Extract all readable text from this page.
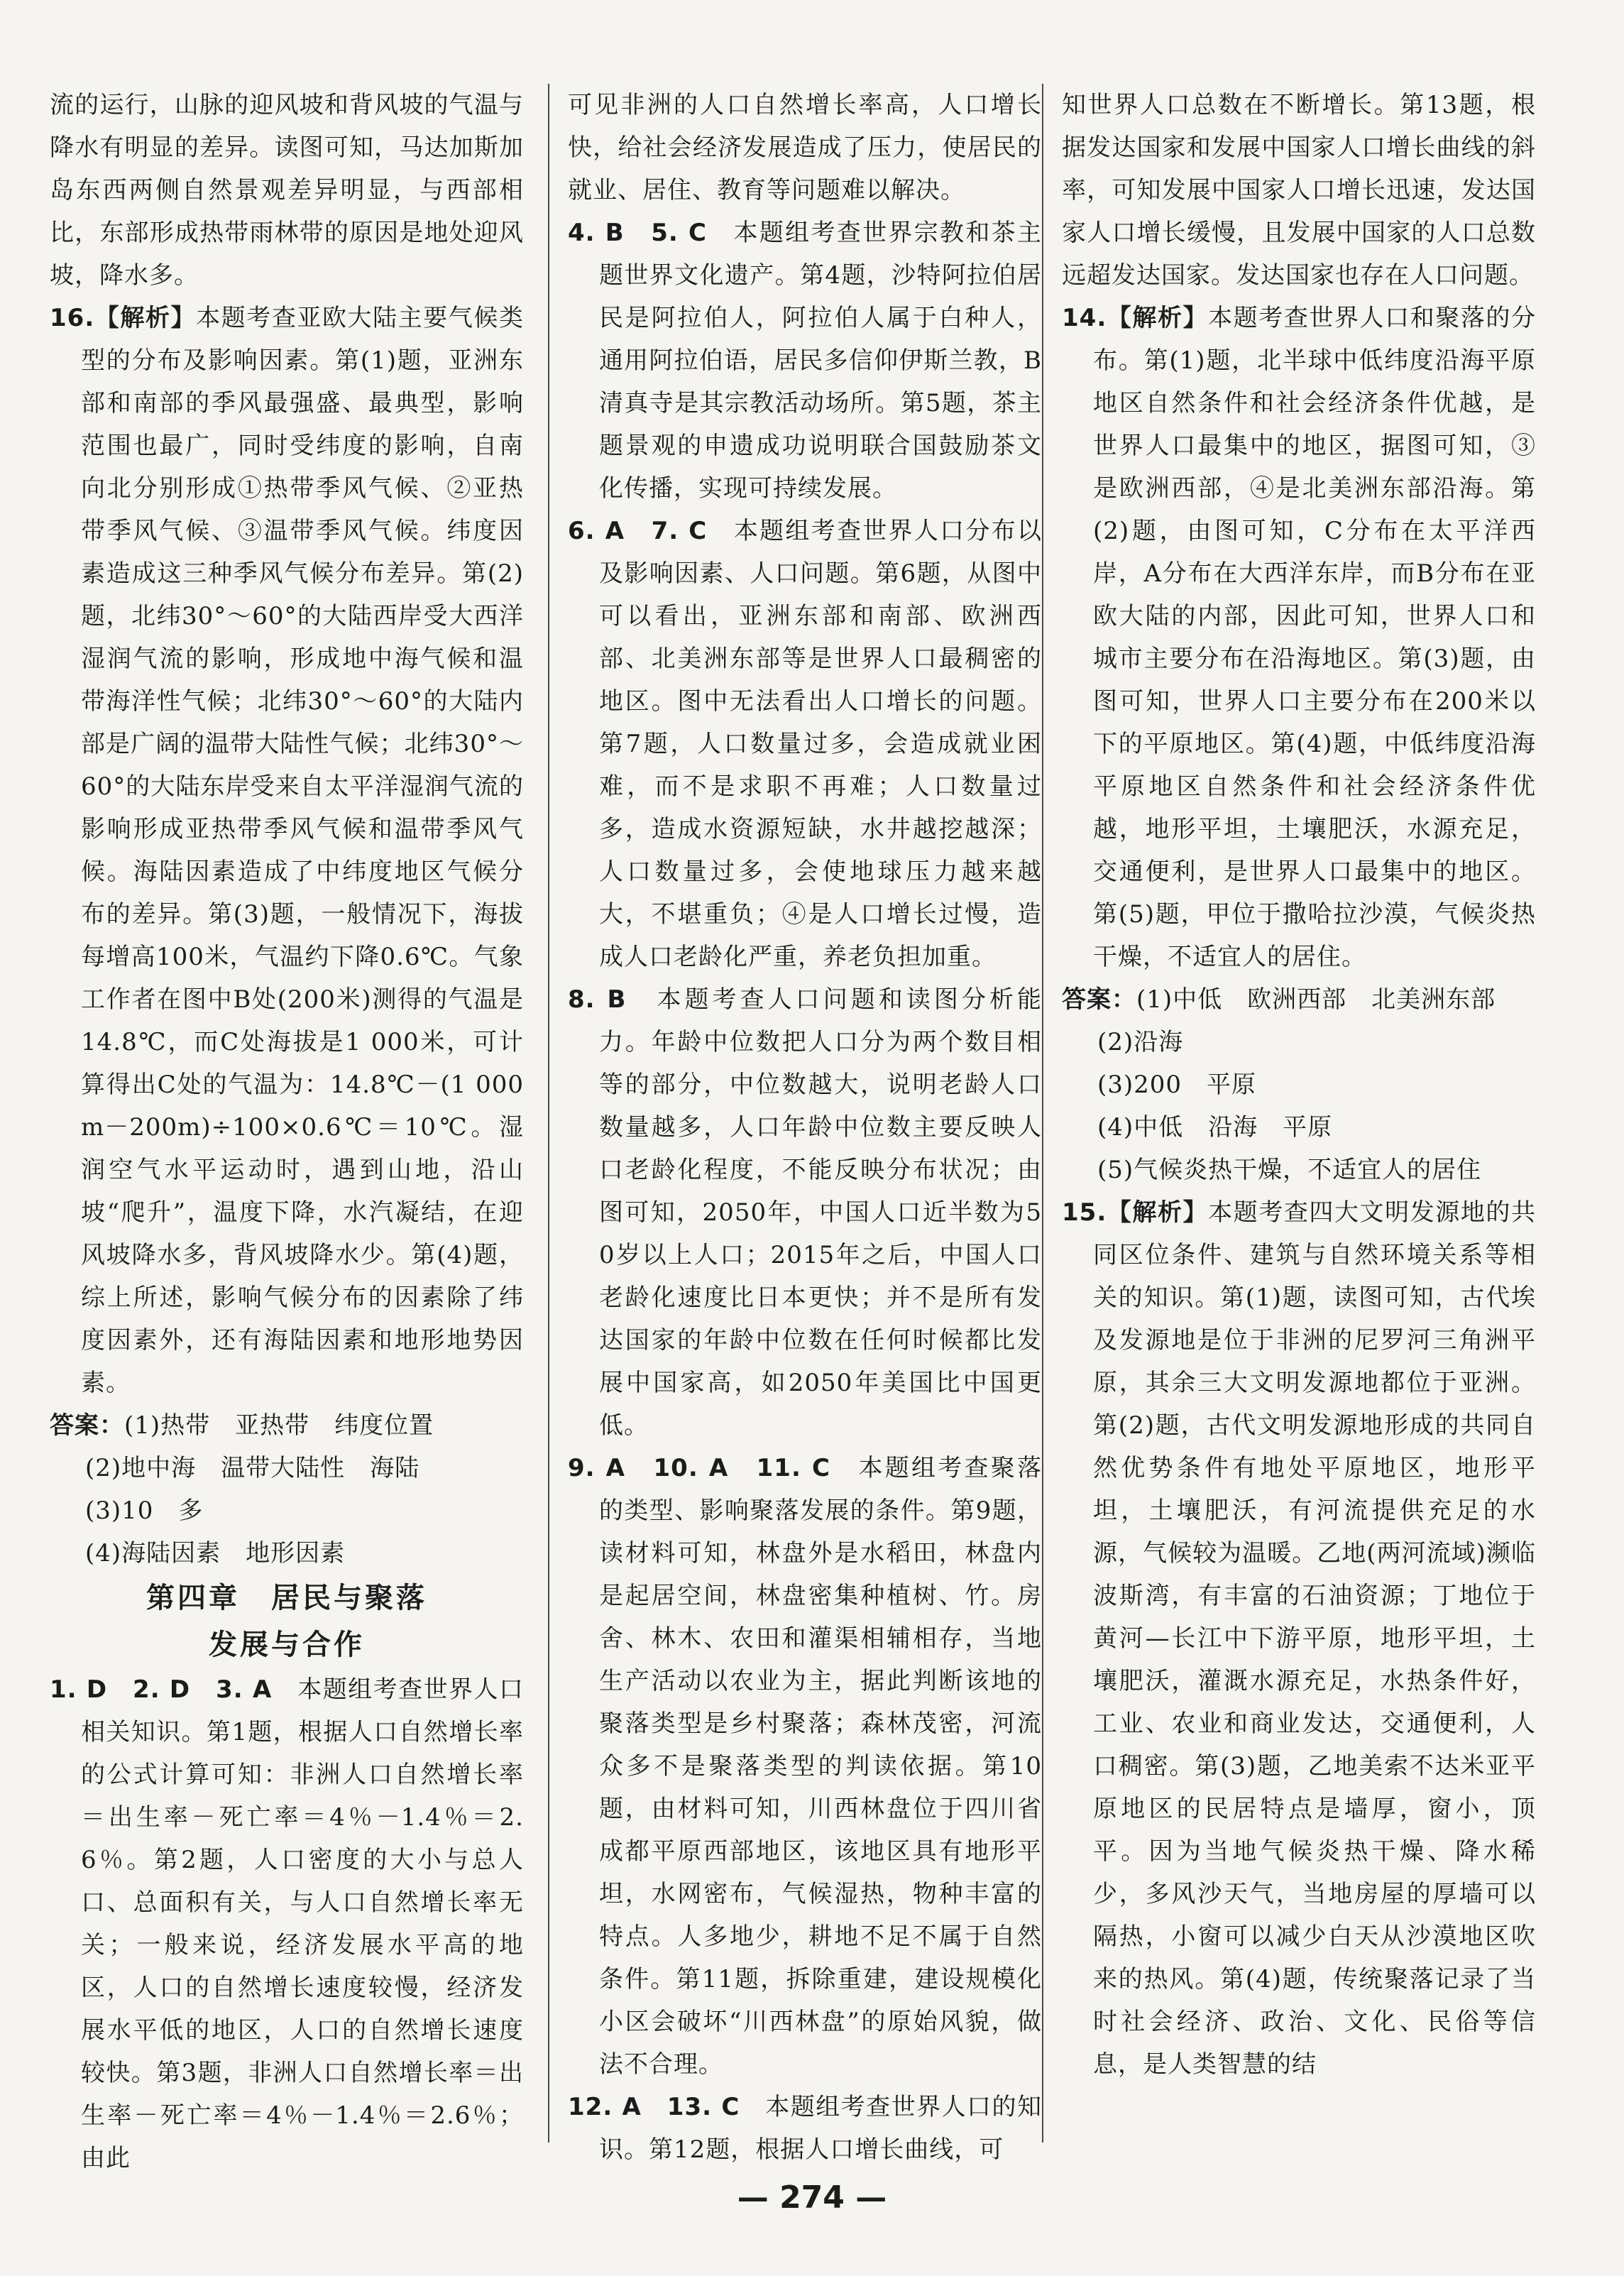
流的运行，山脉的迎风坡和背风坡的气温与降水有明显的差异。读图可知，马达加斯加岛东西两侧自然景观差异明显，与西部相比，东部形成热带雨林带的原因是地处迎风坡，降水多。

16.【解析】本题考查亚欧大陆主要气候类型的分布及影响因素。第(1)题，亚洲东部和南部的季风最强盛、最典型，影响范围也最广，同时受纬度的影响，自南向北分别形成①热带季风气候、②亚热带季风气候、③温带季风气候。纬度因素造成这三种季风气候分布差异。第(2)题，北纬30°～60°的大陆西岸受大西洋湿润气流的影响，形成地中海气候和温带海洋性气候；北纬30°～60°的大陆内部是广阔的温带大陆性气候；北纬30°～60°的大陆东岸受来自太平洋湿润气流的影响形成亚热带季风气候和温带季风气候。海陆因素造成了中纬度地区气候分布的差异。第(3)题，一般情况下，海拔每增高100米，气温约下降0.6℃。气象工作者在图中B处(200米)测得的气温是14.8℃，而C处海拔是1 000米，可计算得出C处的气温为：14.8℃－(1 000m－200m)÷100×0.6℃＝10℃。湿润空气水平运动时，遇到山地，沿山坡“爬升”，温度下降，水汽凝结，在迎风坡降水多，背风坡降水少。第(4)题，综上所述，影响气候分布的因素除了纬度因素外，还有海陆因素和地形地势因素。

答案：(1)热带　亚热带　纬度位置

(2)地中海　温带大陆性　海陆

(3)10　多

(4)海陆因素　地形因素

第四章　居民与聚落

发展与合作

1. D　2. D　3. A　本题组考查世界人口相关知识。第1题，根据人口自然增长率的公式计算可知：非洲人口自然增长率＝出生率－死亡率＝4％－1.4％＝2.6％。第2题，人口密度的大小与总人口、总面积有关，与人口自然增长率无关；一般来说，经济发展水平高的地区，人口的自然增长速度较慢，经济发展水平低的地区，人口的自然增长速度较快。第3题，非洲人口自然增长率＝出生率－死亡率＝4％－1.4％＝2.6％；由此

可见非洲的人口自然增长率高，人口增长快，给社会经济发展造成了压力，使居民的就业、居住、教育等问题难以解决。

4. B　5. C　本题组考查世界宗教和茶主题世界文化遗产。第4题，沙特阿拉伯居民是阿拉伯人，阿拉伯人属于白种人，通用阿拉伯语，居民多信仰伊斯兰教，B清真寺是其宗教活动场所。第5题，茶主题景观的申遗成功说明联合国鼓励茶文化传播，实现可持续发展。

6. A　7. C　本题组考查世界人口分布以及影响因素、人口问题。第6题，从图中可以看出，亚洲东部和南部、欧洲西部、北美洲东部等是世界人口最稠密的地区。图中无法看出人口增长的问题。第7题，人口数量过多，会造成就业困难，而不是求职不再难；人口数量过多，造成水资源短缺，水井越挖越深；人口数量过多，会使地球压力越来越大，不堪重负；④是人口增长过慢，造成人口老龄化严重，养老负担加重。

8. B　本题考查人口问题和读图分析能力。年龄中位数把人口分为两个数目相等的部分，中位数越大，说明老龄人口数量越多，人口年龄中位数主要反映人口老龄化程度，不能反映分布状况；由图可知，2050年，中国人口近半数为50岁以上人口；2015年之后，中国人口老龄化速度比日本更快；并不是所有发达国家的年龄中位数在任何时候都比发展中国家高，如2050年美国比中国更低。

9. A　10. A　11. C　本题组考查聚落的类型、影响聚落发展的条件。第9题，读材料可知，林盘外是水稻田，林盘内是起居空间，林盘密集种植树、竹。房舍、林木、农田和灌渠相辅相存，当地生产活动以农业为主，据此判断该地的聚落类型是乡村聚落；森林茂密，河流众多不是聚落类型的判读依据。第10题，由材料可知，川西林盘位于四川省成都平原西部地区，该地区具有地形平坦，水网密布，气候湿热，物种丰富的特点。人多地少，耕地不足不属于自然条件。第11题，拆除重建，建设规模化小区会破坏“川西林盘”的原始风貌，做法不合理。

12. A　13. C　本题组考查世界人口的知识。第12题，根据人口增长曲线，可

知世界人口总数在不断增长。第13题，根据发达国家和发展中国家人口增长曲线的斜率，可知发展中国家人口增长迅速，发达国家人口增长缓慢，且发展中国家的人口总数远超发达国家。发达国家也存在人口问题。

14.【解析】本题考查世界人口和聚落的分布。第(1)题，北半球中低纬度沿海平原地区自然条件和社会经济条件优越，是世界人口最集中的地区，据图可知，③是欧洲西部，④是北美洲东部沿海。第(2)题，由图可知，C分布在太平洋西岸，A分布在大西洋东岸，而B分布在亚欧大陆的内部，因此可知，世界人口和城市主要分布在沿海地区。第(3)题，由图可知，世界人口主要分布在200米以下的平原地区。第(4)题，中低纬度沿海平原地区自然条件和社会经济条件优越，地形平坦，土壤肥沃，水源充足，交通便利，是世界人口最集中的地区。第(5)题，甲位于撒哈拉沙漠，气候炎热干燥，不适宜人的居住。

答案：(1)中低　欧洲西部　北美洲东部

(2)沿海

(3)200　平原

(4)中低　沿海　平原

(5)气候炎热干燥，不适宜人的居住

15.【解析】本题考查四大文明发源地的共同区位条件、建筑与自然环境关系等相关的知识。第(1)题，读图可知，古代埃及发源地是位于非洲的尼罗河三角洲平原，其余三大文明发源地都位于亚洲。第(2)题，古代文明发源地形成的共同自然优势条件有地处平原地区，地形平坦，土壤肥沃，有河流提供充足的水源，气候较为温暖。乙地(两河流域)濒临波斯湾，有丰富的石油资源；丁地位于黄河—长江中下游平原，地形平坦，土壤肥沃，灌溉水源充足，水热条件好，工业、农业和商业发达，交通便利，人口稠密。第(3)题，乙地美索不达米亚平原地区的民居特点是墙厚，窗小，顶平。因为当地气候炎热干燥、降水稀少，多风沙天气，当地房屋的厚墙可以隔热，小窗可以减少白天从沙漠地区吹来的热风。第(4)题，传统聚落记录了当时社会经济、政治、文化、民俗等信息，是人类智慧的结

— 274 —
